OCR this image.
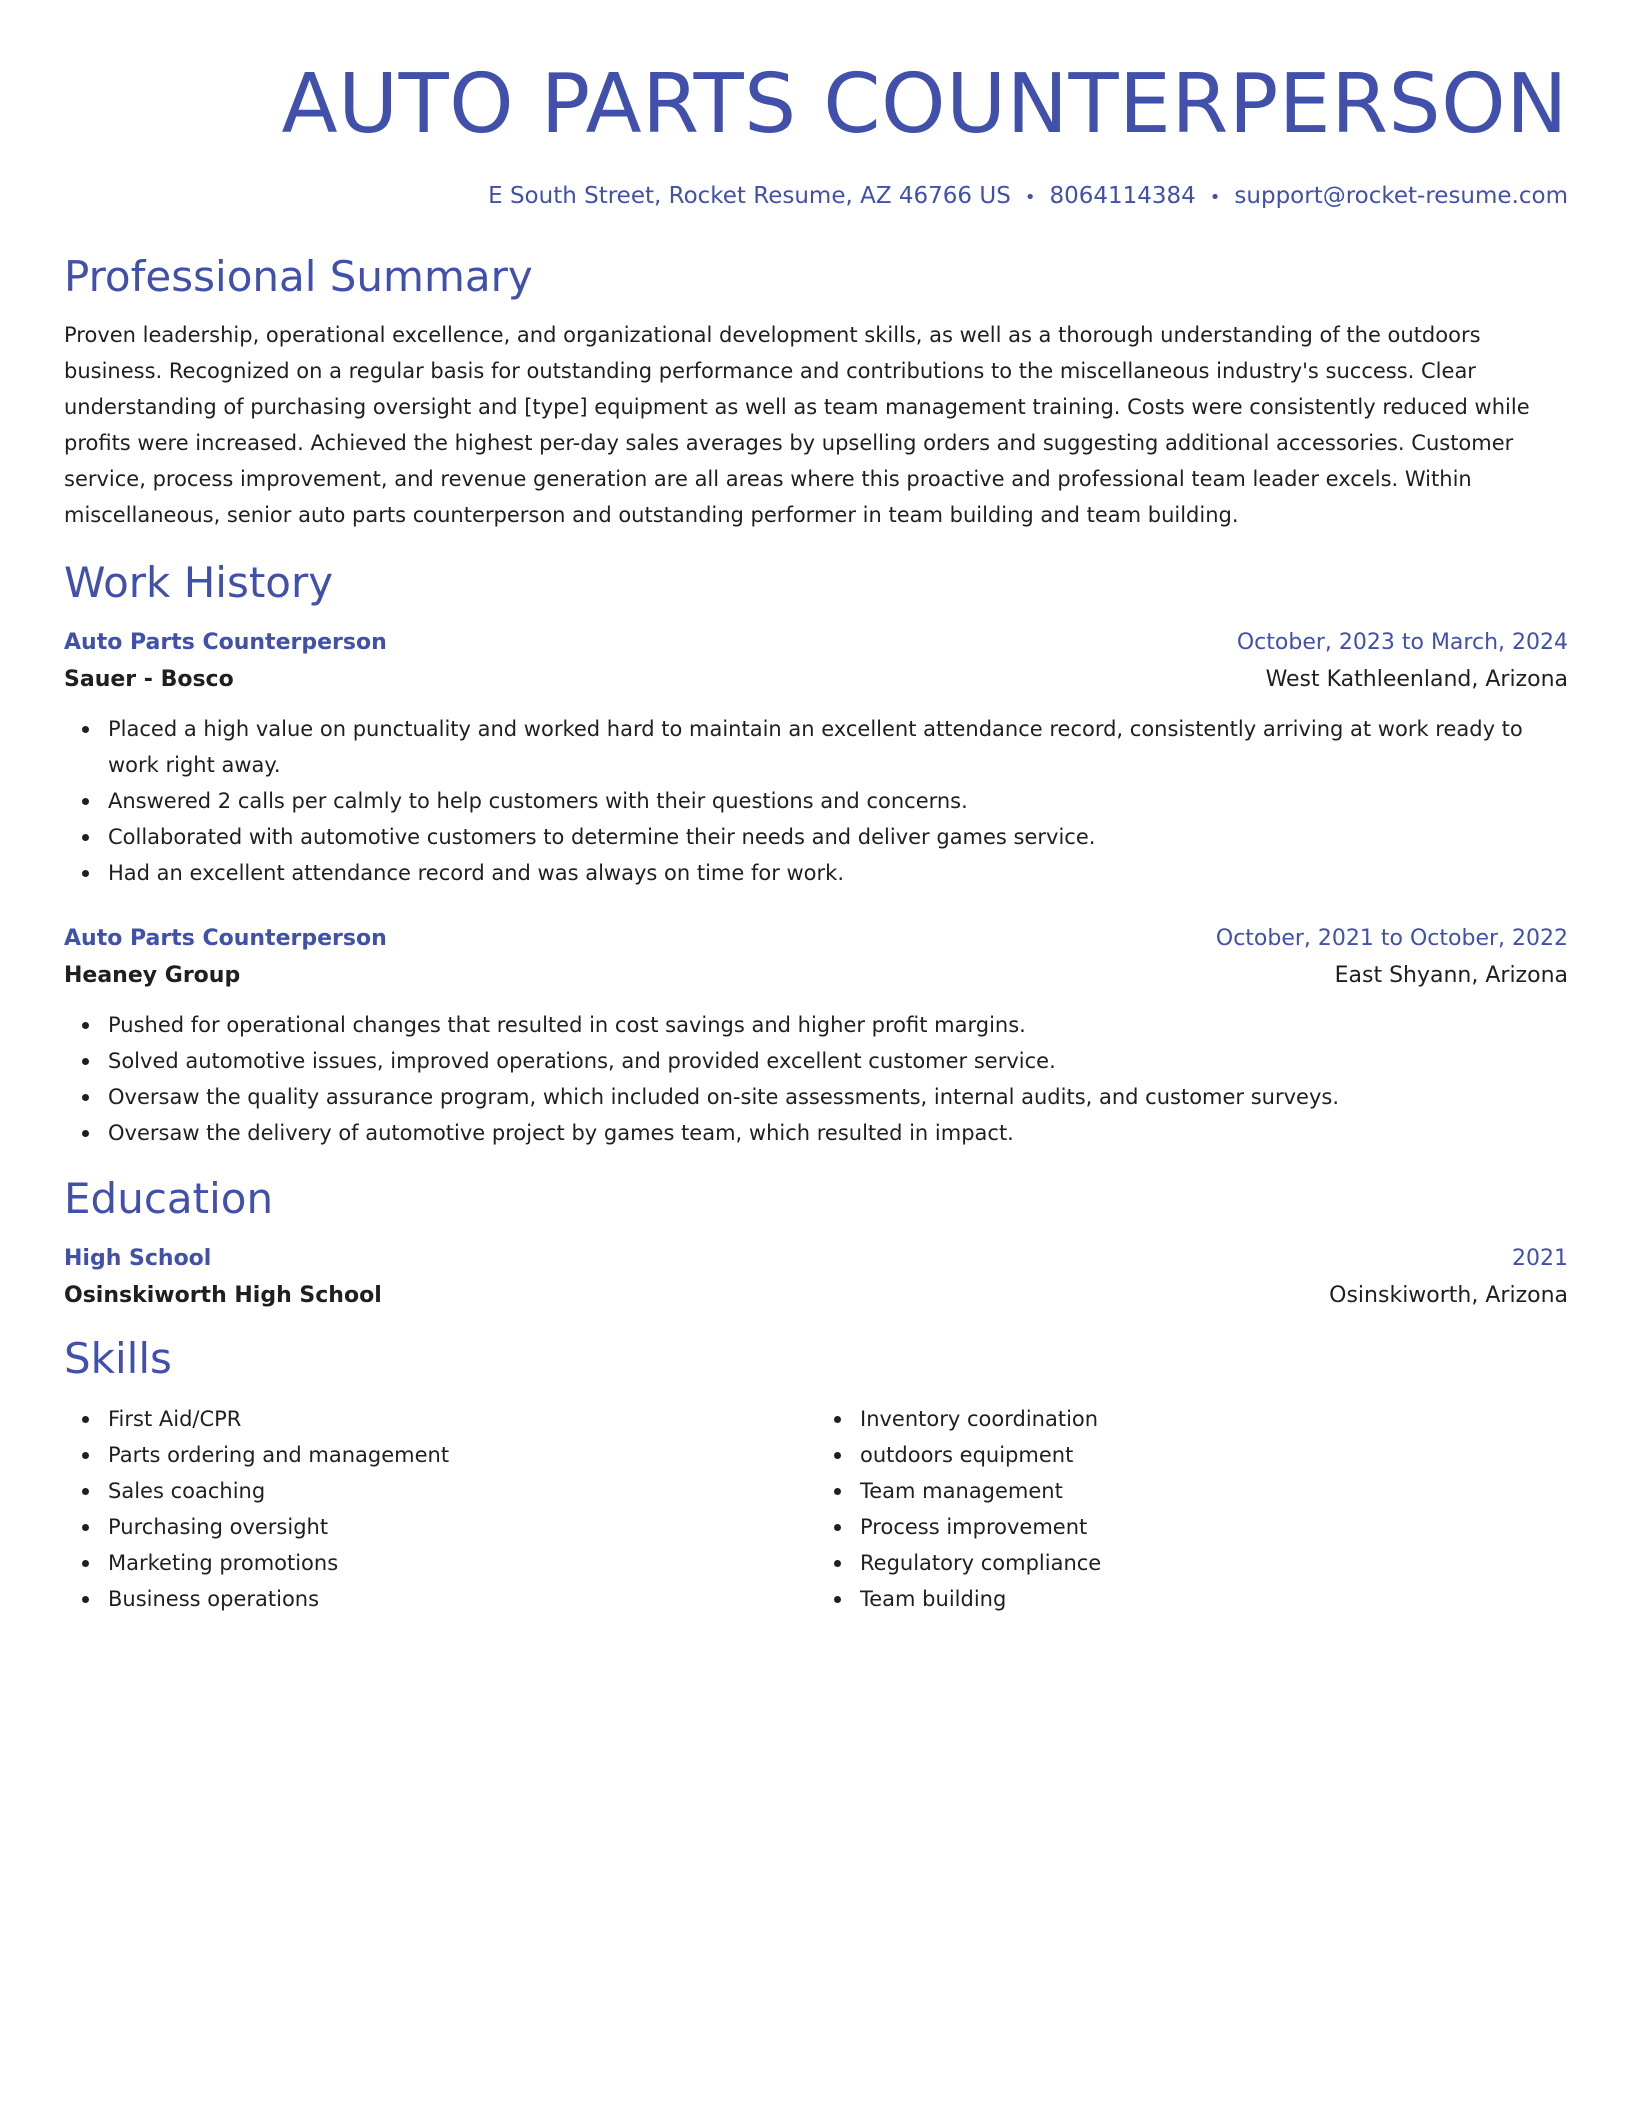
AUTO PARTS COUNTERPERSON
E South Street, Rocket Resume, AZ 46766 US • 8064114384 • support@rocket-resume.com
Professional Summary

Proven leadership, operational excellence, and organizational development skills, as well as a thorough understanding of the outdoors business. Recognized on a regular basis for outstanding performance and contributions to the miscellaneous industry's success. Clear understanding of purchasing oversight and [type] equipment as well as team management training. Costs were consistently reduced while profits were increased. Achieved the highest per-day sales averages by upselling orders and suggesting additional accessories. Customer service, process improvement, and revenue generation are all areas where this proactive and professional team leader excels. Within miscellaneous, senior auto parts counterperson and outstanding performer in team building and team building.

Work History
Auto Parts Counterperson	October, 2023 to March, 2024
Sauer - Bosco	West Kathleenland, Arizona
Placed a high value on punctuality and worked hard to maintain an excellent attendance record, consistently arriving at work ready to work right away.
Answered 2 calls per calmly to help customers with their questions and concerns.
Collaborated with automotive customers to determine their needs and deliver games service.
Had an excellent attendance record and was always on time for work.
Auto Parts Counterperson	October, 2021 to October, 2022
Heaney Group	East Shyann, Arizona
Pushed for operational changes that resulted in cost savings and higher profit margins.
Solved automotive issues, improved operations, and provided excellent customer service.
Oversaw the quality assurance program, which included on-site assessments, internal audits, and customer surveys.
Oversaw the delivery of automotive project by games team, which resulted in impact.
Education
High School	2021
Osinskiworth High School	Osinskiworth, Arizona
Skills
First Aid/CPR
Parts ordering and management
Sales coaching
Purchasing oversight
Marketing promotions
Business operations
Inventory coordination
outdoors equipment
Team management
Process improvement
Regulatory compliance
Team building
